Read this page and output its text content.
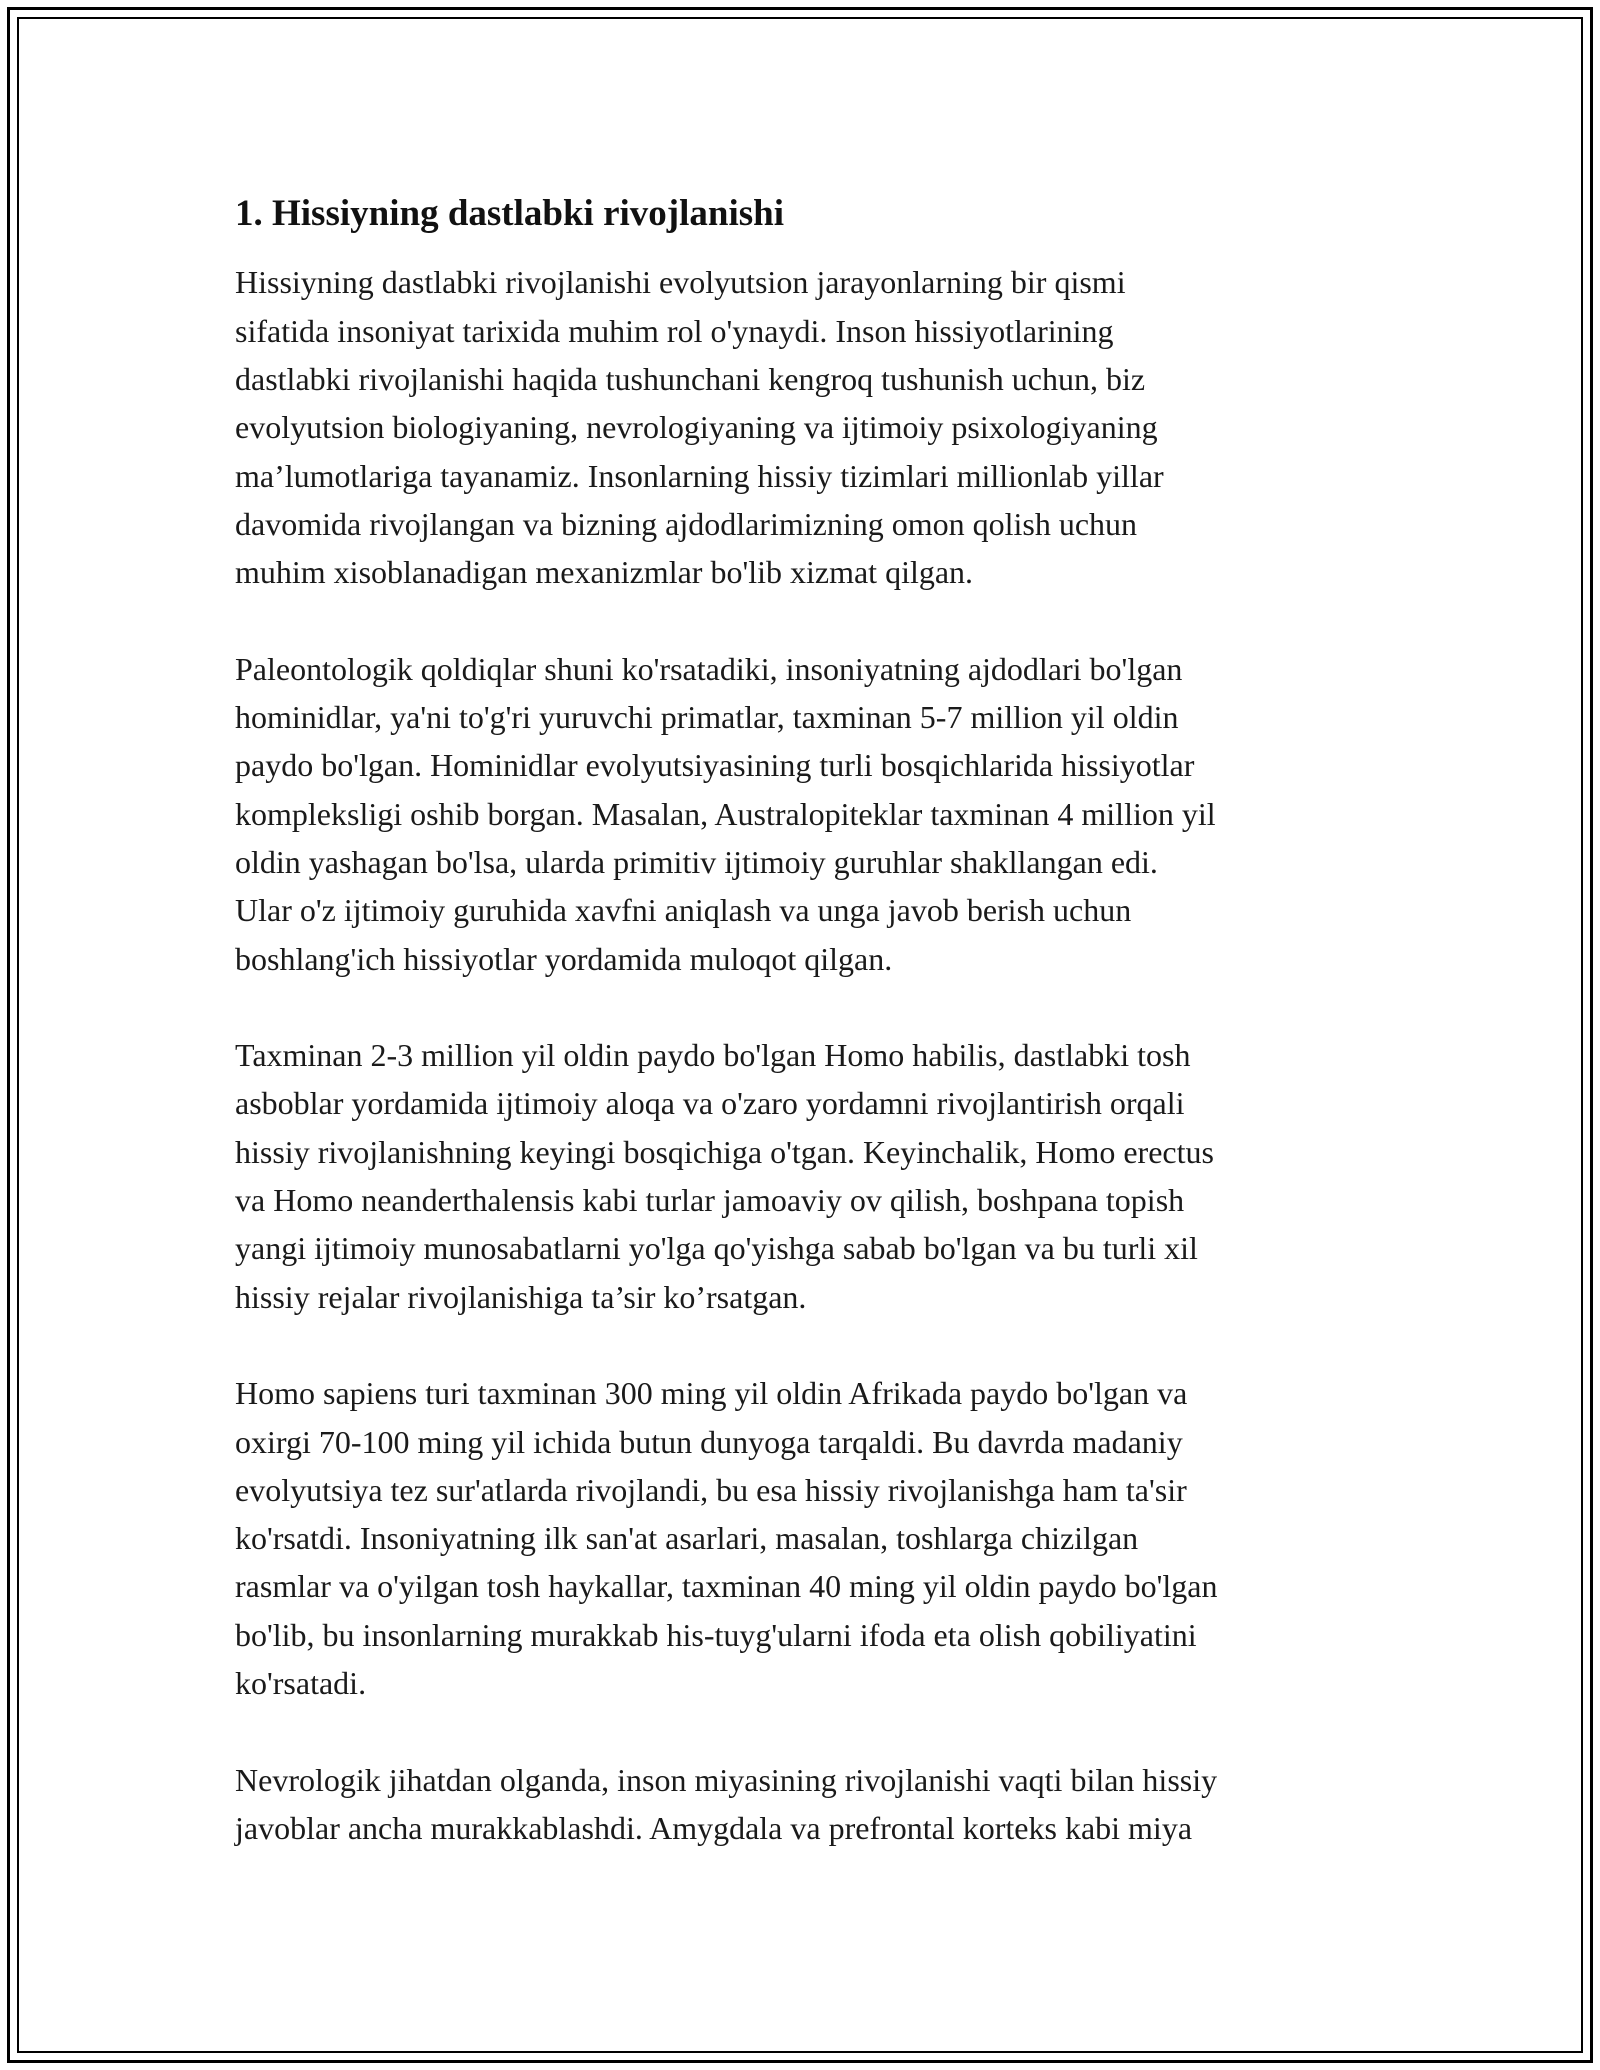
1. Hissiyning dastlabki rivojlanishi

Hissiyning dastlabki rivojlanishi evolyutsion jarayonlarning bir qismi
sifatida insoniyat tarixida muhim rol o'ynaydi. Inson hissiyotlarining
dastlabki rivojlanishi haqida tushunchani kengroq tushunish uchun, biz
evolyutsion biologiyaning, nevrologiyaning va ijtimoiy psixologiyaning
ma’lumotlariga tayanamiz. Insonlarning hissiy tizimlari millionlab yillar
davomida rivojlangan va bizning ajdodlarimizning omon qolish uchun
muhim xisoblanadigan mexanizmlar bo'lib xizmat qilgan.

Paleontologik qoldiqlar shuni ko'rsatadiki, insoniyatning ajdodlari bo'lgan
hominidlar, ya'ni to'g'ri yuruvchi primatlar, taxminan 5-7 million yil oldin
paydo bo'lgan. Hominidlar evolyutsiyasining turli bosqichlarida hissiyotlar
kompleksligi oshib borgan. Masalan, Australopiteklar taxminan 4 million yil
oldin yashagan bo'lsa, ularda primitiv ijtimoiy guruhlar shakllangan edi.
Ular o'z ijtimoiy guruhida xavfni aniqlash va unga javob berish uchun
boshlang'ich hissiyotlar yordamida muloqot qilgan.

Taxminan 2-3 million yil oldin paydo bo'lgan Homo habilis, dastlabki tosh
asboblar yordamida ijtimoiy aloqa va o'zaro yordamni rivojlantirish orqali
hissiy rivojlanishning keyingi bosqichiga o'tgan. Keyinchalik, Homo erectus
va Homo neanderthalensis kabi turlar jamoaviy ov qilish, boshpana topish
yangi ijtimoiy munosabatlarni yo'lga qo'yishga sabab bo'lgan va bu turli xil
hissiy rejalar rivojlanishiga ta’sir ko’rsatgan.

Homo sapiens turi taxminan 300 ming yil oldin Afrikada paydo bo'lgan va
oxirgi 70-100 ming yil ichida butun dunyoga tarqaldi. Bu davrda madaniy
evolyutsiya tez sur'atlarda rivojlandi, bu esa hissiy rivojlanishga ham ta'sir
ko'rsatdi. Insoniyatning ilk san'at asarlari, masalan, toshlarga chizilgan
rasmlar va o'yilgan tosh haykallar, taxminan 40 ming yil oldin paydo bo'lgan
bo'lib, bu insonlarning murakkab his-tuyg'ularni ifoda eta olish qobiliyatini
ko'rsatadi.

Nevrologik jihatdan olganda, inson miyasining rivojlanishi vaqti bilan hissiy
javoblar ancha murakkablashdi. Amygdala va prefrontal korteks kabi miya
